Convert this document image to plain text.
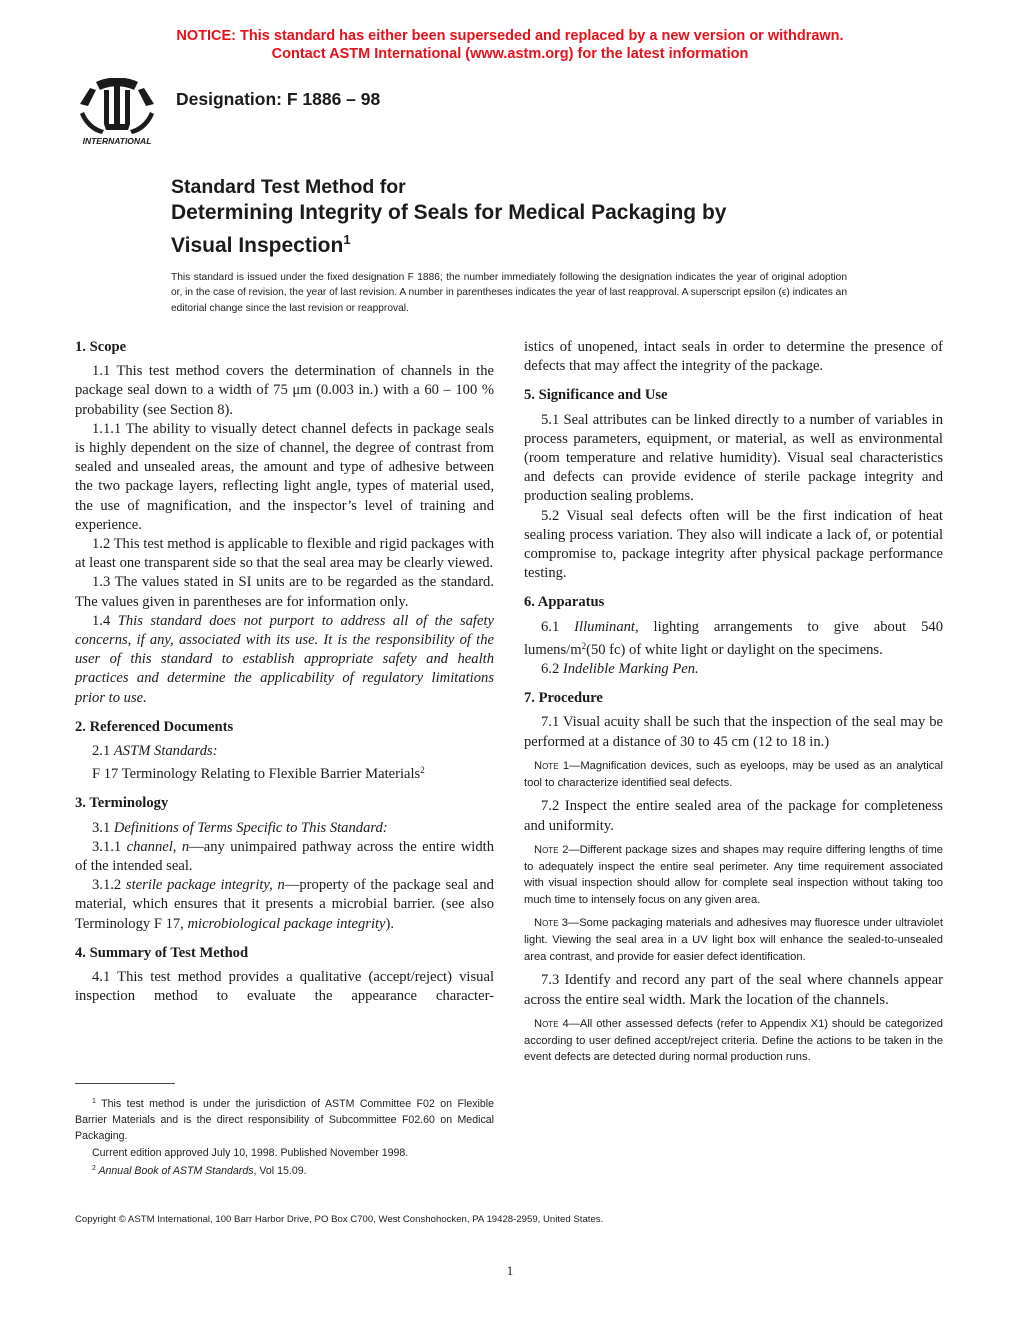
NOTICE: This standard has either been superseded and replaced by a new version or withdrawn.
Contact ASTM International (www.astm.org) for the latest information
INTERNATIONAL
Designation: F 1886 – 98
Standard Test Method for
Determining Integrity of Seals for Medical Packaging by
Visual Inspection$^1$
This standard is issued under the fixed designation F 1886; the number immediately following the designation indicates the year of original adoption or, in the case of revision, the year of last revision. A number in parentheses indicates the year of last reapproval. A superscript epsilon (ϵ) indicates an editorial change since the last revision or reapproval.
1. Scope

1.1 This test method covers the determination of channels in the package seal down to a width of 75 μm (0.003 in.) with a 60 – 100 % probability (see Section 8).

1.1.1 The ability to visually detect channel defects in package seals is highly dependent on the size of channel, the degree of contrast from sealed and unsealed areas, the amount and type of adhesive between the two package layers, reflecting light angle, types of material used, the use of magnification, and the inspector’s level of training and experience.

1.2 This test method is applicable to flexible and rigid packages with at least one transparent side so that the seal area may be clearly viewed.

1.3 The values stated in SI units are to be regarded as the standard. The values given in parentheses are for information only.

1.4 This standard does not purport to address all of the safety concerns, if any, associated with its use. It is the responsibility of the user of this standard to establish appropriate safety and health practices and determine the applicability of regulatory limitations prior to use.

2. Referenced Documents

2.1 ASTM Standards:

F 17 Terminology Relating to Flexible Barrier Materials$^2$

3. Terminology

3.1 Definitions of Terms Specific to This Standard:

3.1.1 channel, n—any unimpaired pathway across the entire width of the intended seal.

3.1.2 sterile package integrity, n—property of the package seal and material, which ensures that it presents a microbial barrier. (see also Terminology F 17, microbiological package integrity).

4. Summary of Test Method

4.1 This test method provides a qualitative (accept/reject) visual inspection method to evaluate the appearance character-

$^1$ This test method is under the jurisdiction of ASTM Committee F02 on Flexible Barrier Materials and is the direct responsibility of Subcommittee F02.60 on Medical Packaging.

Current edition approved July 10, 1998. Published November 1998.

$^2$ Annual Book of ASTM Standards, Vol 15.09.

istics of unopened, intact seals in order to determine the presence of defects that may affect the integrity of the package.

5. Significance and Use

5.1 Seal attributes can be linked directly to a number of variables in process parameters, equipment, or material, as well as environmental (room temperature and relative humidity). Visual seal characteristics and defects can provide evidence of sterile package integrity and production sealing problems.

5.2 Visual seal defects often will be the first indication of heat sealing process variation. They also will indicate a lack of, or potential compromise to, package integrity after physical package performance testing.

6. Apparatus

6.1 Illuminant, lighting arrangements to give about 540 lumens/m$^2$(50 fc) of white light or daylight on the specimens.

6.2 Indelible Marking Pen.

7. Procedure

7.1 Visual acuity shall be such that the inspection of the seal may be performed at a distance of 30 to 45 cm (12 to 18 in.)

Note 1—Magnification devices, such as eyeloops, may be used as an analytical tool to characterize identified seal defects.

7.2 Inspect the entire sealed area of the package for completeness and uniformity.

Note 2—Different package sizes and shapes may require differing lengths of time to adequately inspect the entire seal perimeter. Any time requirement associated with visual inspection should allow for complete seal inspection without taking too much time to intensely focus on any given area.

Note 3—Some packaging materials and adhesives may fluoresce under ultraviolet light. Viewing the seal area in a UV light box will enhance the sealed-to-unsealed area contrast, and provide for easier defect identification.

7.3 Identify and record any part of the seal where channels appear across the entire seal width. Mark the location of the channels.

Note 4—All other assessed defects (refer to Appendix X1) should be categorized according to user defined accept/reject criteria. Define the actions to be taken in the event defects are detected during normal production runs.

Copyright © ASTM International, 100 Barr Harbor Drive, PO Box C700, West Conshohocken, PA 19428-2959, United States.
1
